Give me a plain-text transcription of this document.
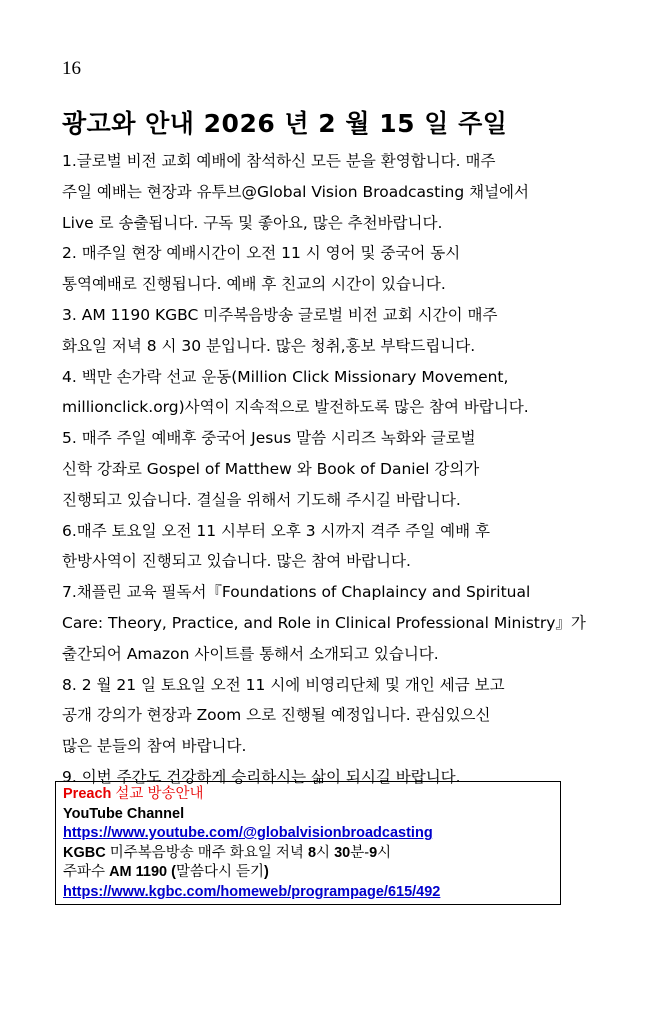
16
광고와 안내 2026 년 2 월 15 일 주일
1.글로벌 비전 교회 예배에 참석하신 모든 분을 환영합니다. 매주
주일 예배는 현장과 유투브@Global Vision Broadcasting 채널에서
Live 로 송출됩니다. 구독 및 좋아요, 많은 추천바랍니다.
2. 매주일 현장 예배시간이 오전 11 시 영어 및 중국어 동시
통역예배로 진행됩니다. 예배 후 친교의 시간이 있습니다.
3. AM 1190 KGBC 미주복음방송 글로벌 비전 교회 시간이 매주
화요일 저녁 8 시 30 분입니다. 많은 청취,홍보 부탁드립니다.
4. 백만 손가락 선교 운동(Million Click Missionary Movement,
millionclick.org)사역이 지속적으로 발전하도록 많은 참여 바랍니다.
5. 매주 주일 예배후 중국어 Jesus 말씀 시리즈 녹화와 글로벌
신학 강좌로 Gospel of Matthew 와 Book of Daniel 강의가
진행되고 있습니다. 결실을 위해서 기도해 주시길 바랍니다.
6.매주 토요일 오전 11 시부터 오후 3 시까지 격주 주일 예배 후
한방사역이 진행되고 있습니다. 많은 참여 바랍니다.
7.채플린 교육 필독서『Foundations of Chaplaincy and Spiritual
Care: Theory, Practice, and Role in Clinical Professional Ministry』가
출간되어 Amazon 사이트를 통해서 소개되고 있습니다.
8. 2 월 21 일 토요일 오전 11 시에 비영리단체 및 개인 세금 보고
공개 강의가 현장과 Zoom 으로 진행될 예정입니다. 관심있으신
많은 분들의 참여 바랍니다.
9. 이번 주간도 건강하게 승리하시는 삶이 되시길 바랍니다.
Preach 설교 방송안내
YouTube Channel
https://www.youtube.com/@globalvisionbroadcasting
KGBC 미주복음방송 매주 화요일 저녁 8시 30분-9시
주파수 AM 1190 (말씀다시 듣기)
https://www.kgbc.com/homeweb/programpage/615/492
